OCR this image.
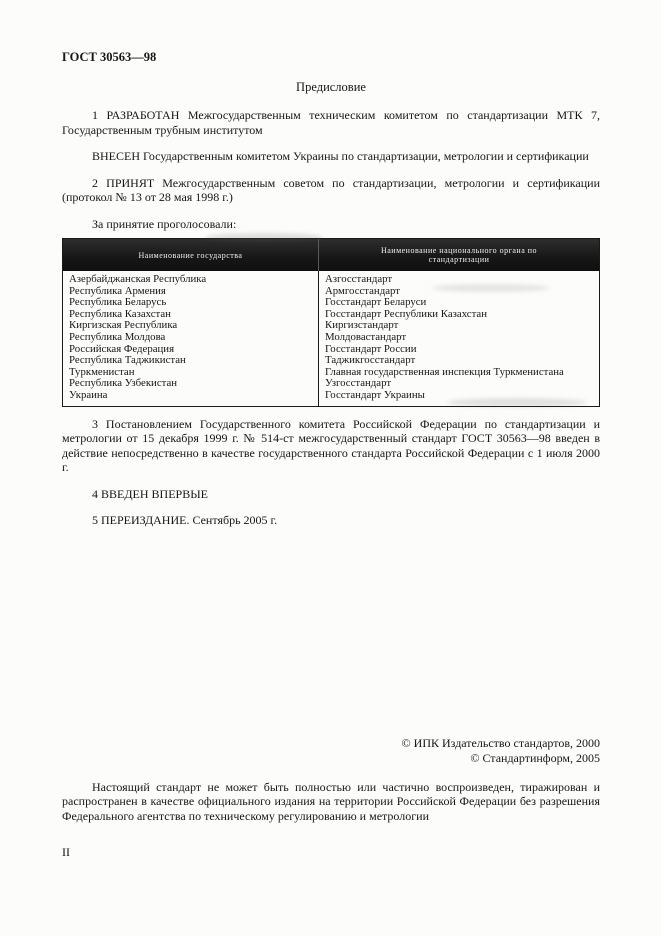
ГОСТ 30563—98
Предисловие

1 РАЗРАБОТАН Межгосударственным техническим комитетом по стандартизации МТК 7, Государственным трубным институтом

ВНЕСЕН Государственным комитетом Украины по стандартизации, метрологии и сертификации

2 ПРИНЯТ Межгосударственным советом по стандартизации, метрологии и сертификации (протокол № 13 от 28 мая 1998 г.)

За принятие проголосовали:

Наименование государства	Наименование национального органа по стандартизации
Азербайджанская Республика
Республика Армения
Республика Беларусь
Республика Казахстан
Киргизская Республика
Республика Молдова
Российская Федерация
Республика Таджикистан
Туркменистан
Республика Узбекистан
Украина
Азгосстандарт
Армгосстандарт
Госстандарт Беларуси
Госстандарт Республики Казахстан
Киргизстандарт
Молдовастандарт
Госстандарт России
Таджикгосстандарт
Главная государственная инспекция Туркменистана
Узгосстандарт
Госстандарт Украины

3 Постановлением Государственного комитета Российской Федерации по стандартизации и метрологии от 15 декабря 1999 г. № 514-ст межгосударственный стандарт ГОСТ 30563—98 введен в действие непосредственно в качестве государственного стандарта Российской Федерации с 1 июля 2000 г.

4 ВВЕДЕН ВПЕРВЫЕ

5 ПЕРЕИЗДАНИЕ. Сентябрь 2005 г.

© ИПК Издательство стандартов, 2000
© Стандартинформ, 2005

Настоящий стандарт не может быть полностью или частично воспроизведен, тиражирован и распространен в качестве официального издания на территории Российской Федерации без разрешения Федерального агентства по техническому регулированию и метрологии

II
